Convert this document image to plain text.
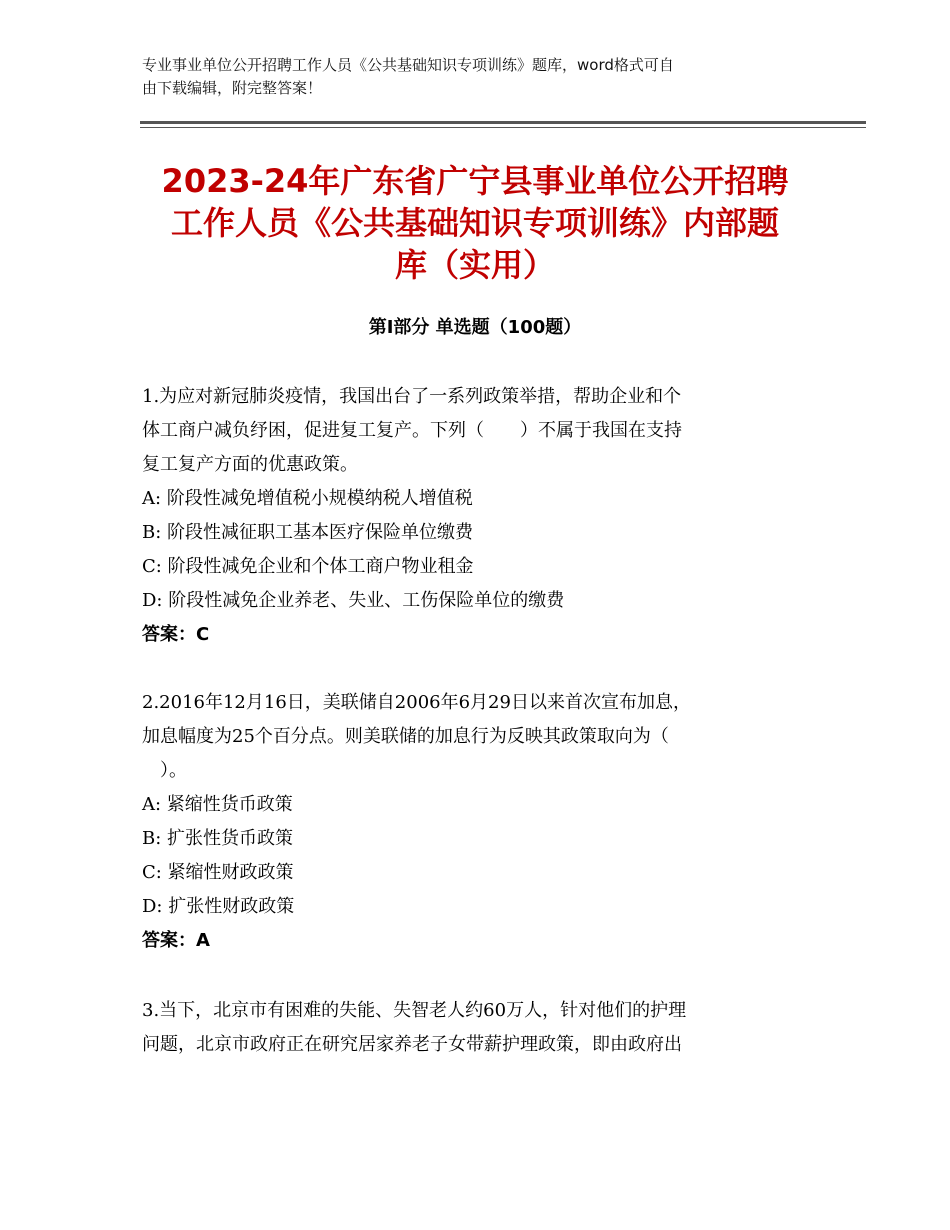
专业事业单位公开招聘工作人员《公共基础知识专项训练》题库，word格式可自
由下载编辑，附完整答案！
2023-24年广东省广宁县事业单位公开招聘
工作人员《公共基础知识专项训练》内部题
库（实用）
第Ⅰ部分 单选题（100题）
1.为应对新冠肺炎疫情，我国出台了一系列政策举措，帮助企业和个
体工商户减负纾困，促进复工复产。下列（　　）不属于我国在支持
复工复产方面的优惠政策。
A: 阶段性减免增值税小规模纳税人增值税
B: 阶段性减征职工基本医疗保险单位缴费
C: 阶段性减免企业和个体工商户物业租金
D: 阶段性减免企业养老、失业、工伤保险单位的缴费
答案：C
2.2016年12月16日，美联储自2006年6月29日以来首次宣布加息，
加息幅度为25个百分点。则美联储的加息行为反映其政策取向为（
　）。
A: 紧缩性货币政策
B: 扩张性货币政策
C: 紧缩性财政政策
D: 扩张性财政政策
答案：A
3.当下，北京市有困难的失能、失智老人约60万人，针对他们的护理
问题，北京市政府正在研究居家养老子女带薪护理政策，即由政府出
